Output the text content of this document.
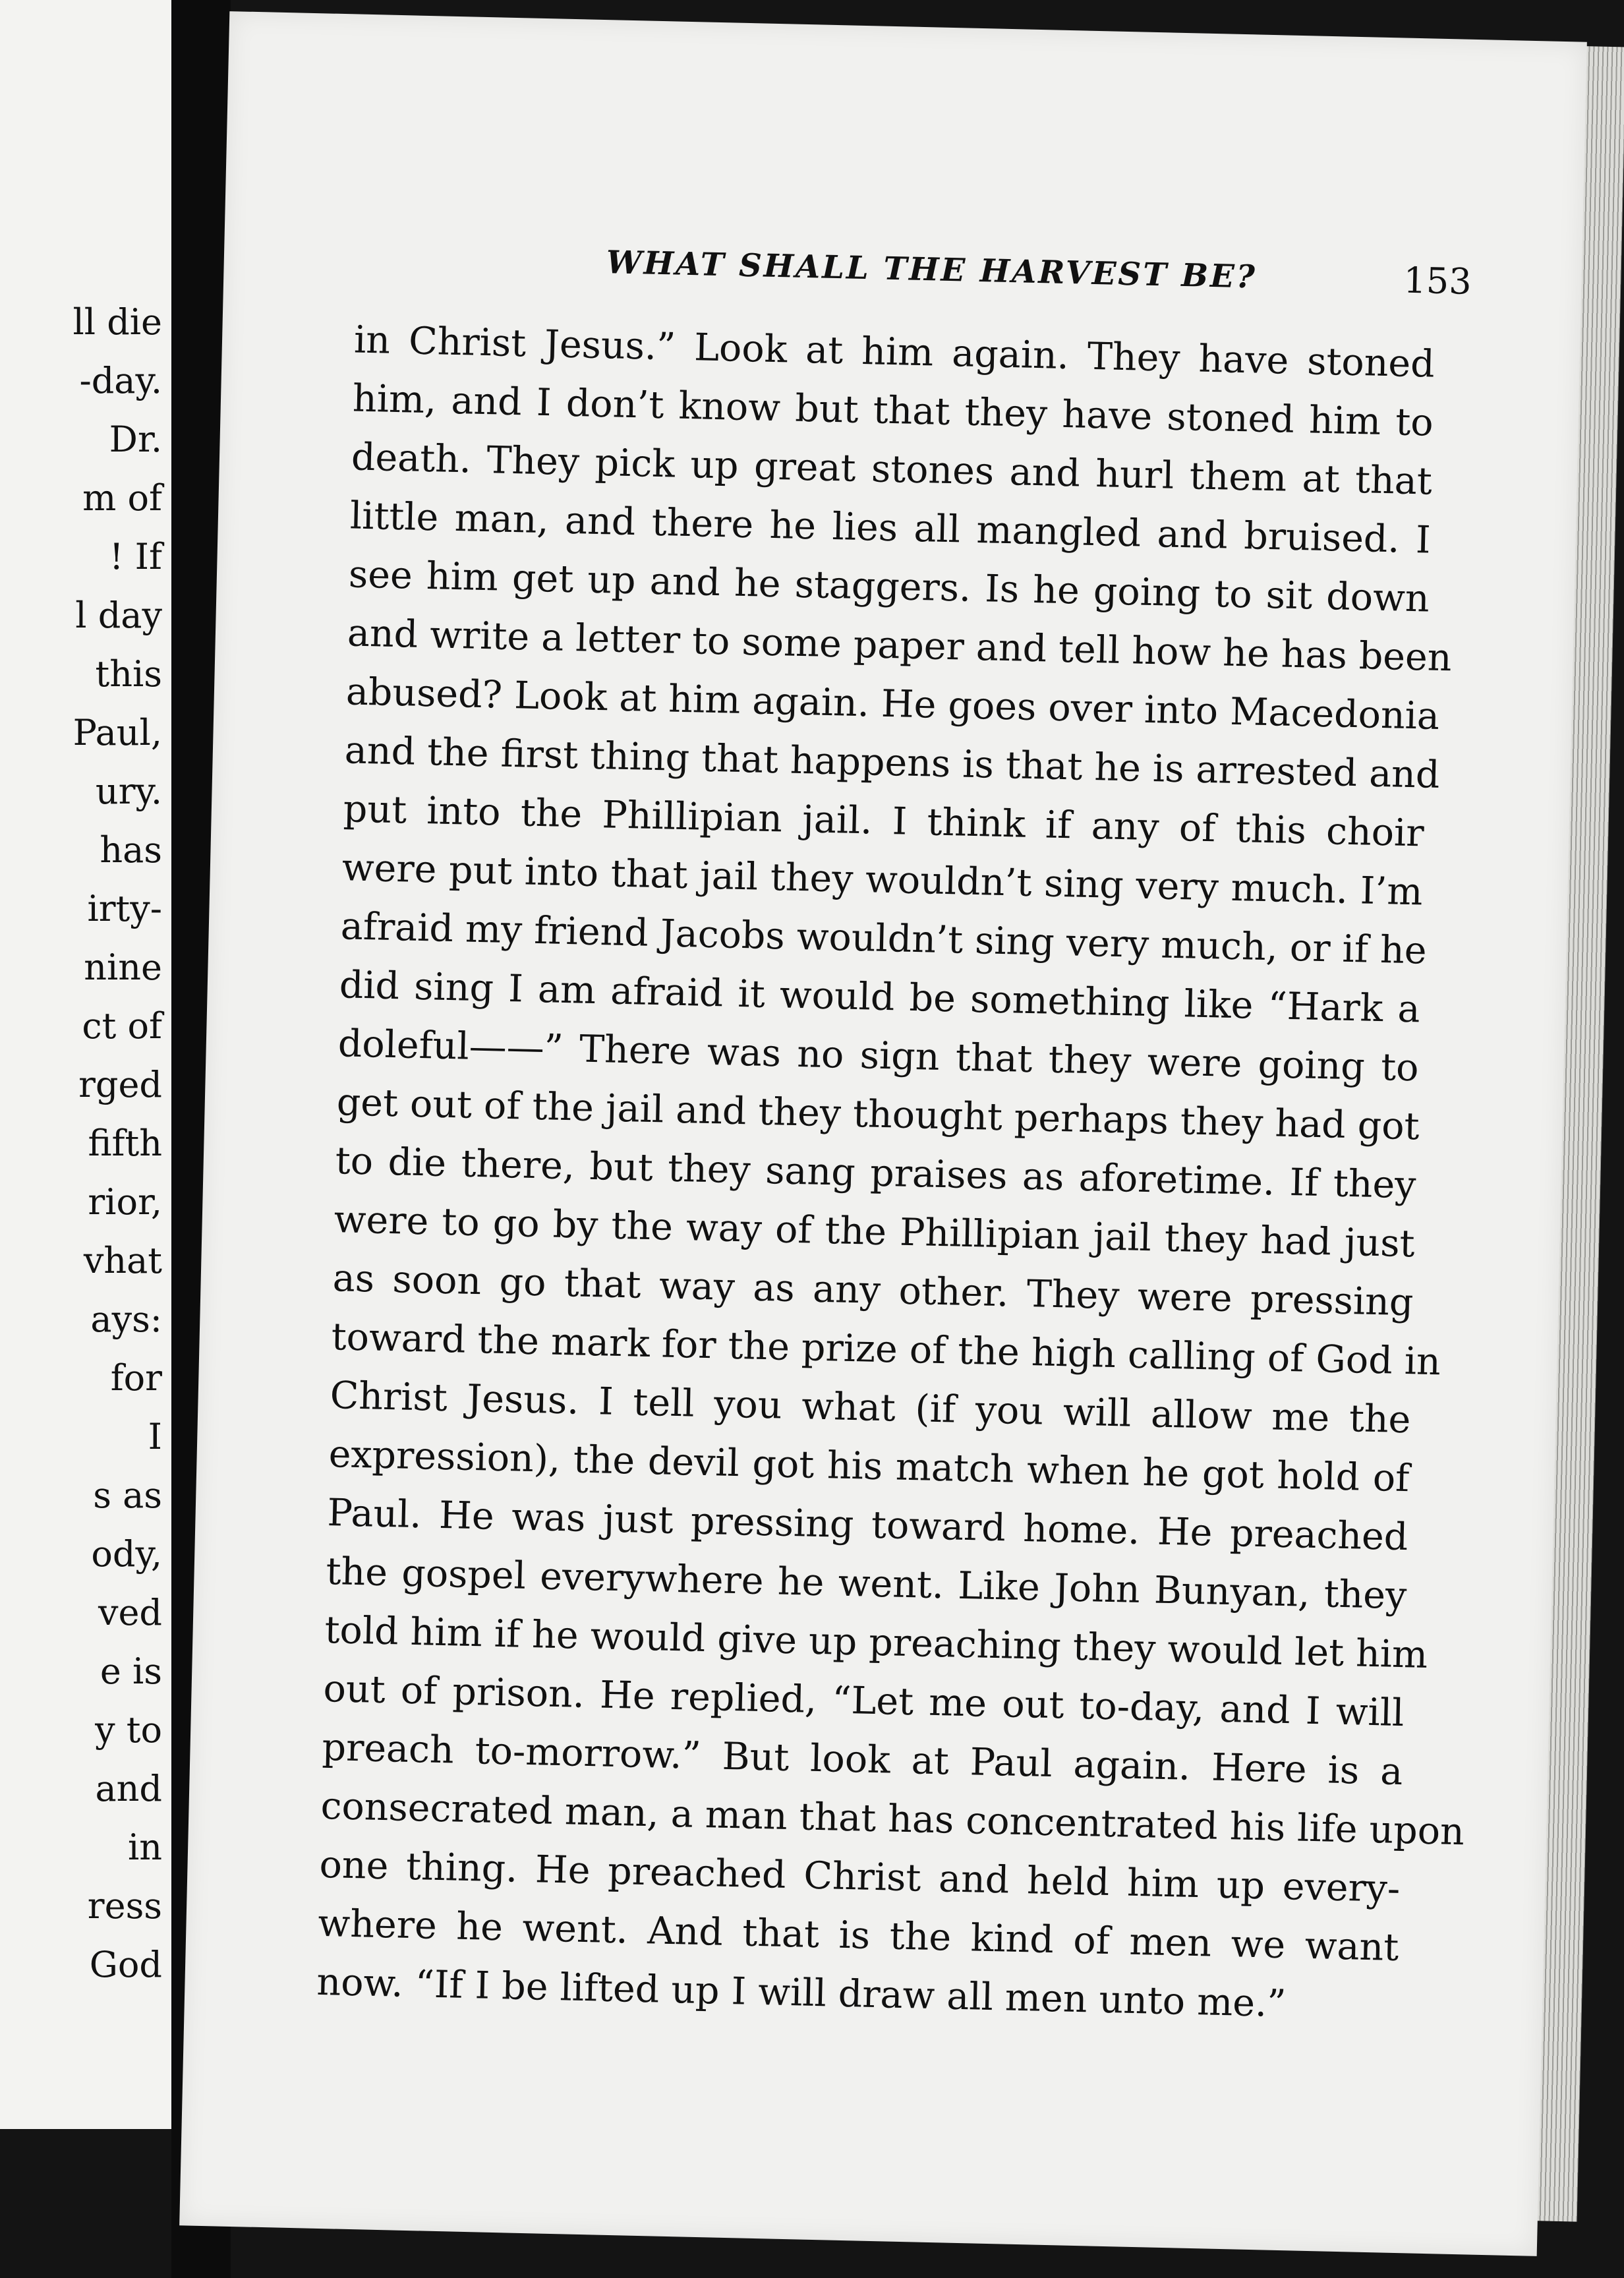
ll die
-day.
Dr.
m of
! If
l day
this
Paul,
ury.
has
irty-
nine
ct of
rged
fifth
rior,
vhat
ays:
for
I
s as
ody,
ved
e is
y to
and
in
ress
God
WHAT SHALL THE HARVEST BE?	153
in Christ Jesus.” Look at him again. They have stoned
him, and I don’t know but that they have stoned him to
death. They pick up great stones and hurl them at that
little man, and there he lies all mangled and bruised. I
see him get up and he staggers. Is he going to sit down
and write a letter to some paper and tell how he has been
abused? Look at him again. He goes over into Macedonia
and the first thing that happens is that he is arrested and
put into the Phillipian jail. I think if any of this choir
were put into that jail they wouldn’t sing very much. I’m
afraid my friend Jacobs wouldn’t sing very much, or if he
did sing I am afraid it would be something like “Hark a
doleful——” There was no sign that they were going to
get out of the jail and they thought perhaps they had got
to die there, but they sang praises as aforetime. If they
were to go by the way of the Phillipian jail they had just
as soon go that way as any other. They were pressing
toward the mark for the prize of the high calling of God in
Christ Jesus. I tell you what (if you will allow me the
expression), the devil got his match when he got hold of
Paul. He was just pressing toward home. He preached
the gospel everywhere he went. Like John Bunyan, they
told him if he would give up preaching they would let him
out of prison. He replied, “Let me out to-day, and I will
preach to-morrow.” But look at Paul again. Here is a
consecrated man, a man that has concentrated his life upon
one thing. He preached Christ and held him up every-
where he went. And that is the kind of men we want
now. “If I be lifted up I will draw all men unto me.”
